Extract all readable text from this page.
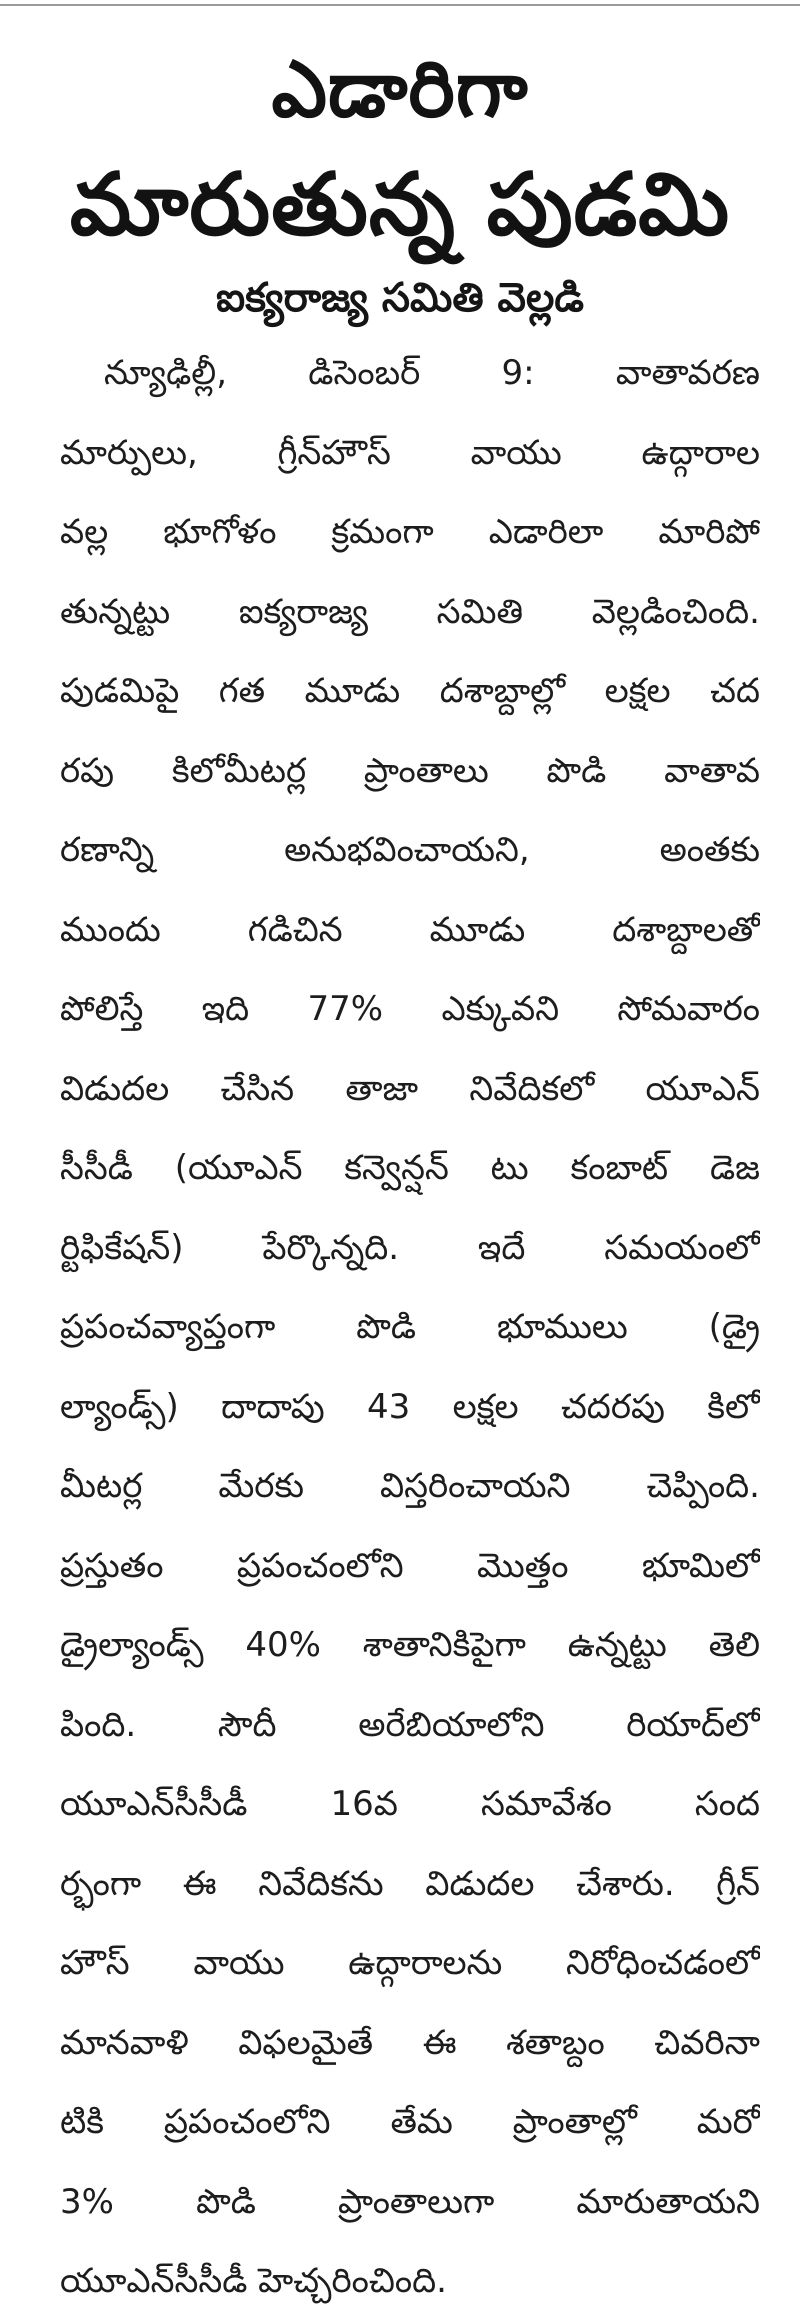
ఎడారిగా
మారుతున్న పుడమి
ఐక్యరాజ్య సమితి వెల్లడి
న్యూఢిల్లీ, డిసెంబర్ 9: వాతావరణ
మార్పులు, గ్రీన్‌హౌస్ వాయు ఉద్గారాల
వల్ల భూగోళం క్రమంగా ఎడారిలా మారిపో
తున్నట్టు ఐక్యరాజ్య సమితి వెల్లడించింది.
పుడమిపై గత మూడు దశాబ్దాల్లో లక్షల చద
రపు కిలోమీటర్ల ప్రాంతాలు పొడి వాతావ
రణాన్ని అనుభవించాయని, అంతకు
ముందు గడిచిన మూడు దశాబ్దాలతో
పోలిస్తే ఇది 77% ఎక్కువని సోమవారం
విడుదల చేసిన తాజా నివేదికలో యూఎన్
సీసీడీ (యూఎన్ కన్వెన్షన్ టు కంబాట్ డెజ
ర్టిఫికేషన్) పేర్కొన్నది. ఇదే సమయంలో
ప్రపంచవ్యాప్తంగా పొడి భూములు (డ్రై
ల్యాండ్స్) దాదాపు 43 లక్షల చదరపు కిలో
మీటర్ల మేరకు విస్తరించాయని చెప్పింది.
ప్రస్తుతం ప్రపంచంలోని మొత్తం భూమిలో
డ్రైల్యాండ్స్ 40% శాతానికిపైగా ఉన్నట్టు తెలి
పింది. సౌదీ అరేబియాలోని రియాద్‌లో
యూఎన్‌సీసీడీ 16వ సమావేశం సంద
ర్భంగా ఈ నివేదికను విడుదల చేశారు. గ్రీన్
హౌస్ వాయు ఉద్గారాలను నిరోధించడంలో
మానవాళి విఫలమైతే ఈ శతాబ్దం చివరినా
టికి ప్రపంచంలోని తేమ ప్రాంతాల్లో మరో
3% పొడి ప్రాంతాలుగా మారుతాయని
యూఎన్‌సీసీడీ హెచ్చరించింది.
